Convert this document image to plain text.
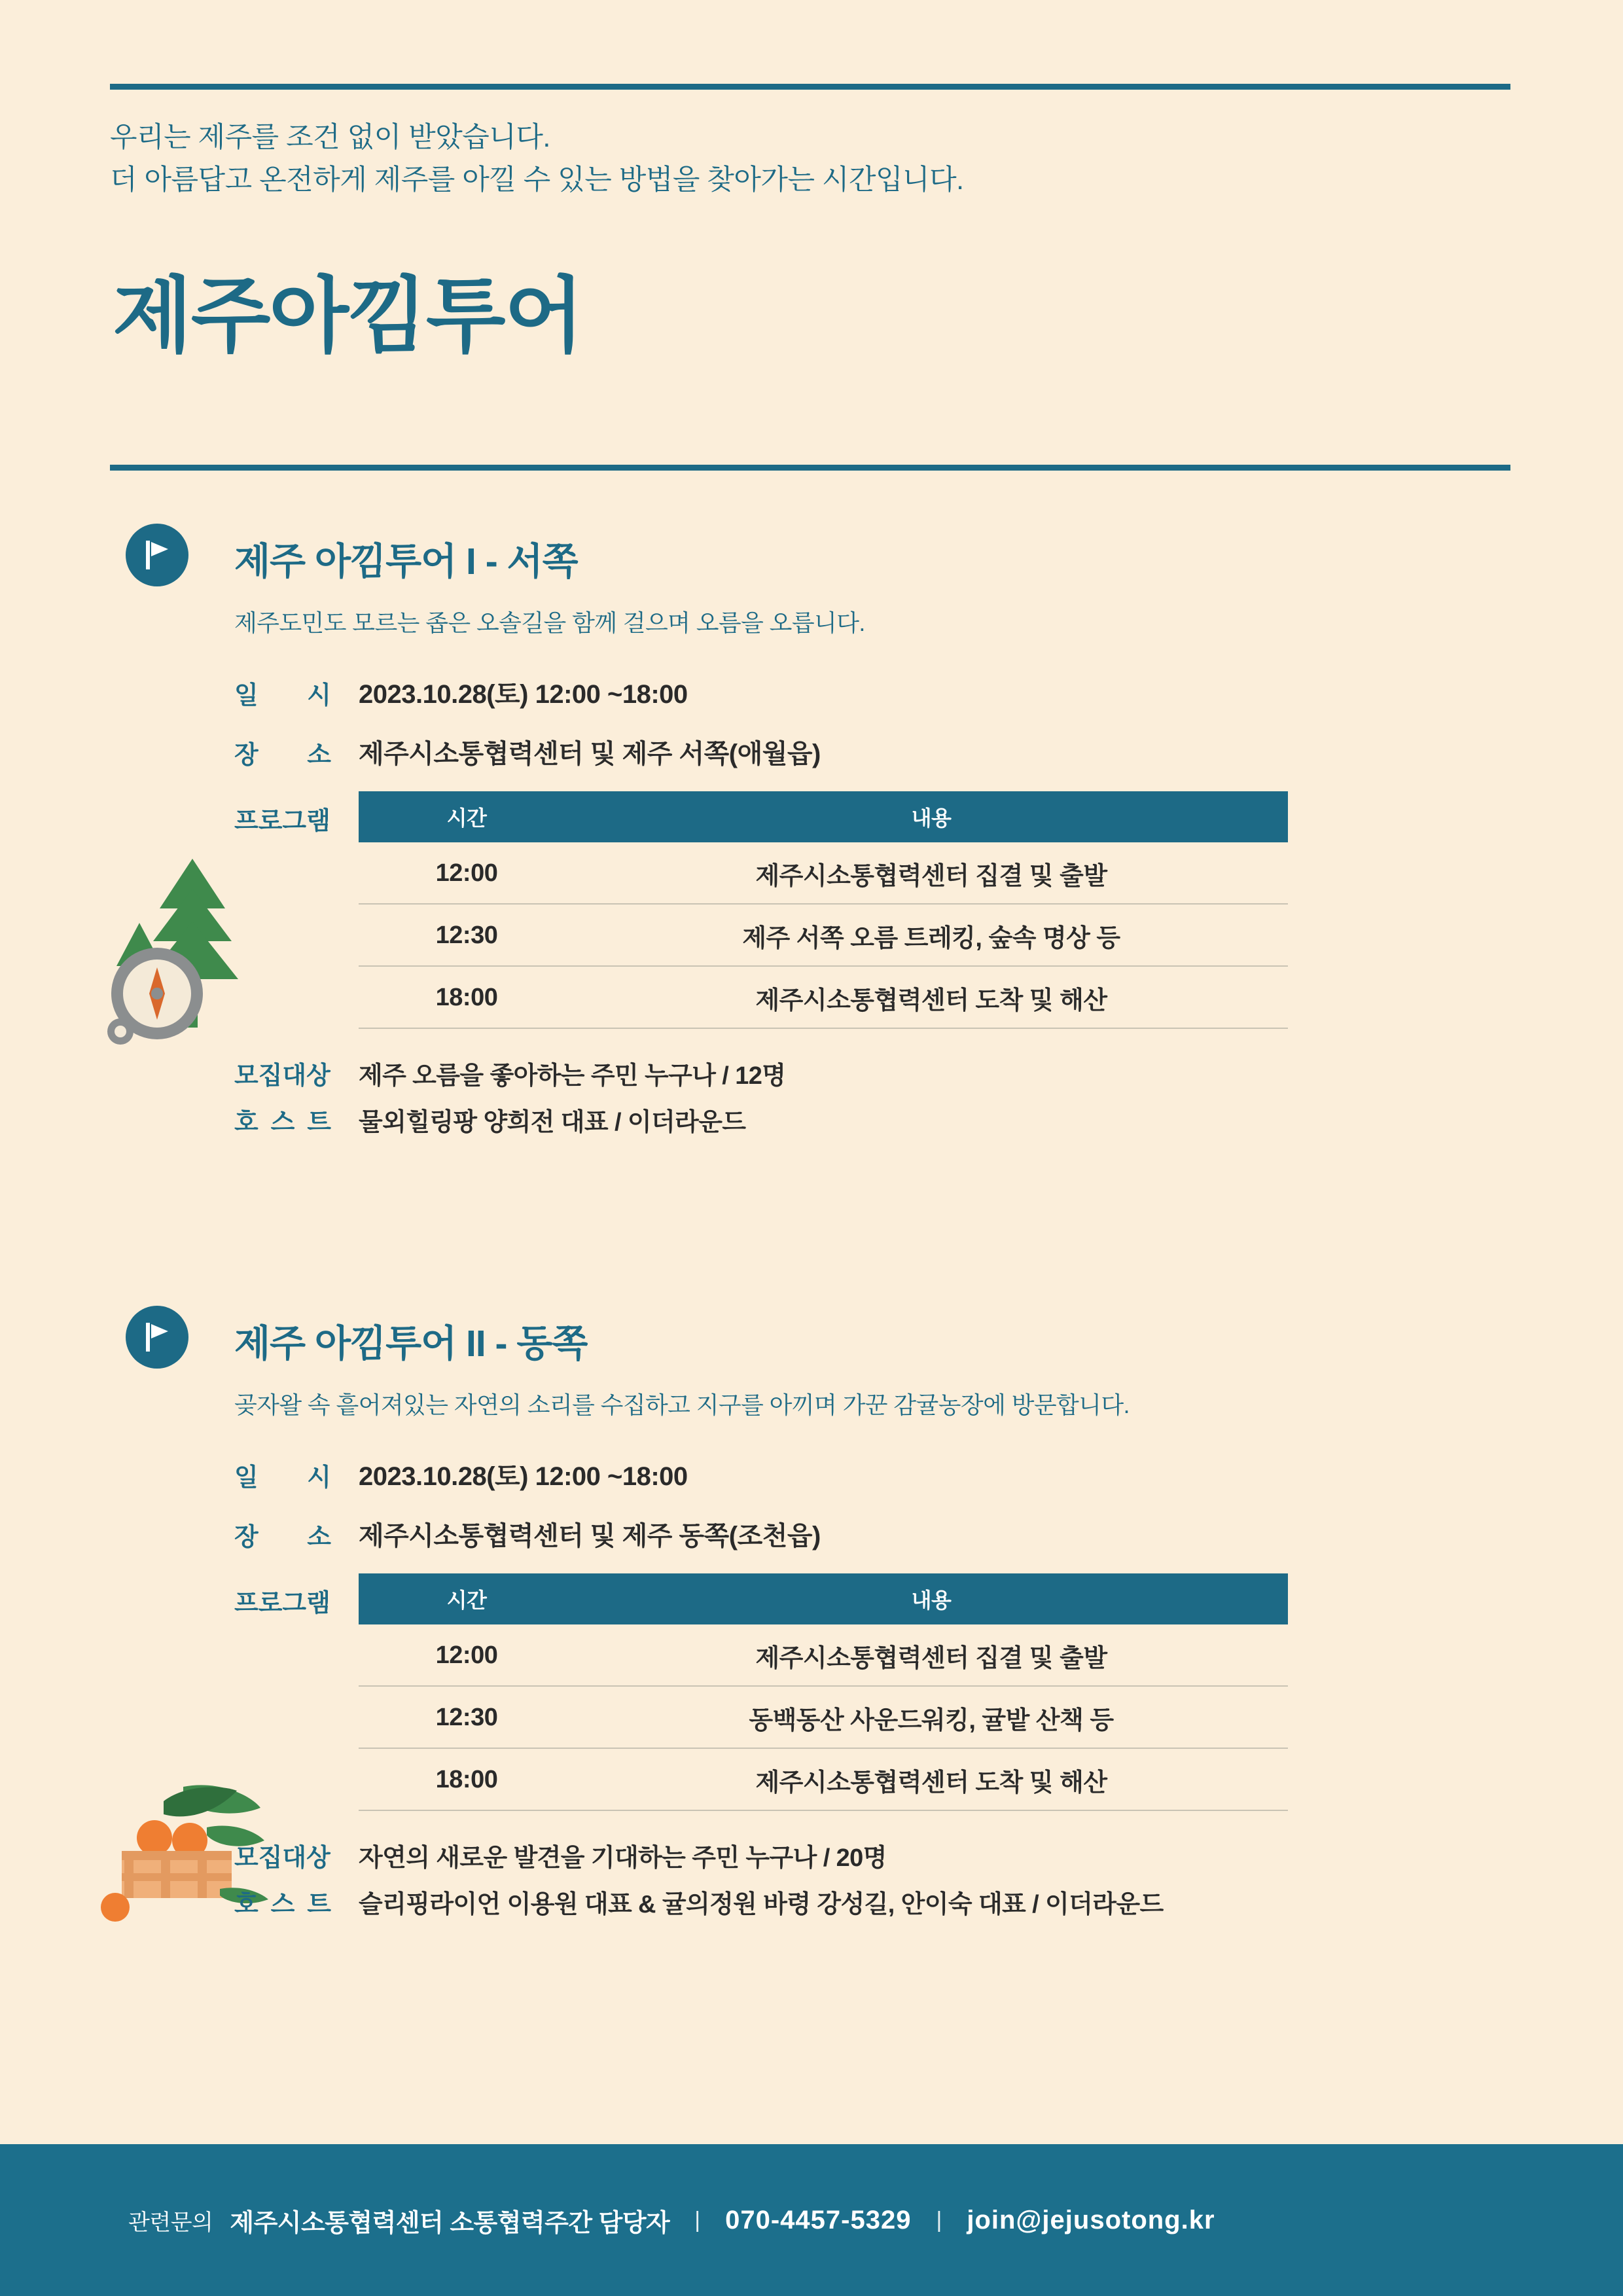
우리는 제주를 조건 없이 받았습니다.
더 아름답고 온전하게 제주를 아낄 수 있는 방법을 찾아가는 시간입니다.
제주아낌투어
제주 아낌투어 I - 서쪽
제주도민도 모르는 좁은 오솔길을 함께 걸으며 오름을 오릅니다.
일 시 2023.10.28(토) 12:00 ~18:00
장 소 제주시소통협력센터 및 제주 서쪽(애월읍)
프로그램	시간	내용
12:00	제주시소통협력센터 집결 및 출발
12:30	제주 서쪽 오름 트레킹, 숲속 명상 등
18:00	제주시소통협력센터 도착 및 해산
모집대상	제주 오름을 좋아하는 주민 누구나 / 12명
호 스 트 물외힐링팡 양희전 대표 / 이더라운드
제주 아낌투어 II - 동쪽
곶자왈 속 흩어져있는 자연의 소리를 수집하고 지구를 아끼며 가꾼 감귤농장에 방문합니다.
일 시 2023.10.28(토) 12:00 ~18:00
장 소 제주시소통협력센터 및 제주 동쪽(조천읍)
프로그램	시간	내용
12:00	제주시소통협력센터 집결 및 출발
12:30	동백동산 사운드워킹, 귤밭 산책 등
18:00	제주시소통협력센터 도착 및 해산
모집대상	자연의 새로운 발견을 기대하는 주민 누구나 / 20명
호 스 트 슬리핑라이언 이용원 대표 & 귤의정원 바령 강성길, 안이숙 대표 / 이더라운드
관련문의 제주시소통협력센터 소통협력주간 담당자 | 070-4457-5329 | join@jejusotong.kr
